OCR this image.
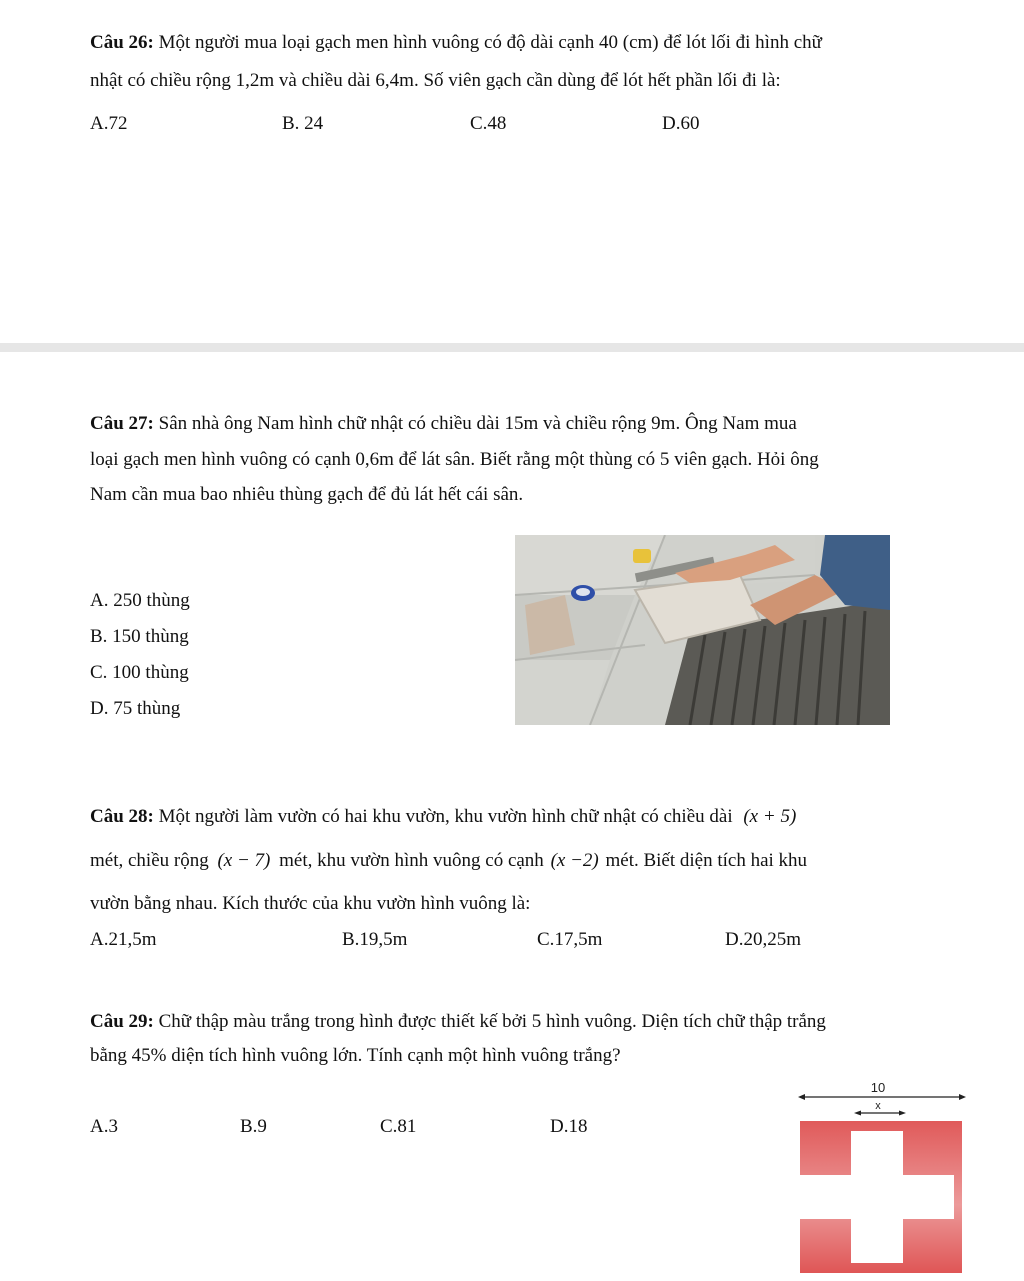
Câu 26: Một người mua loại gạch men hình vuông có độ dài cạnh 40 (cm) để lót lối đi hình chữ
nhật có chiều rộng 1,2m và chiều dài 6,4m. Số viên gạch cần dùng để lót hết phần lối đi là:
A.72	B. 24	C.48	D.60
Câu 27: Sân nhà ông Nam hình chữ nhật có chiều dài 15m và chiều rộng 9m. Ông Nam mua
loại gạch men hình vuông có cạnh 0,6m để lát sân. Biết rằng một thùng có 5 viên gạch. Hỏi ông
Nam cần mua bao nhiêu thùng gạch để đủ lát hết cái sân.
A. 250 thùng
B. 150 thùng
C. 100 thùng
D. 75 thùng
Câu 28: Một người làm vườn có hai khu vườn, khu vườn hình chữ nhật có chiều dài (x + 5)
mét, chiều rộng (x − 7) mét, khu vườn hình vuông có cạnh (x −2) mét. Biết diện tích hai khu
vườn bằng nhau. Kích thước của khu vườn hình vuông là:
A.21,5m	B.19,5m	C.17,5m	D.20,25m
Câu 29: Chữ thập màu trắng trong hình được thiết kế bởi 5 hình vuông. Diện tích chữ thập trắng
bằng 45% diện tích hình vuông lớn. Tính cạnh một hình vuông trắng?
A.3	B.9	C.81	D.18
10
x
